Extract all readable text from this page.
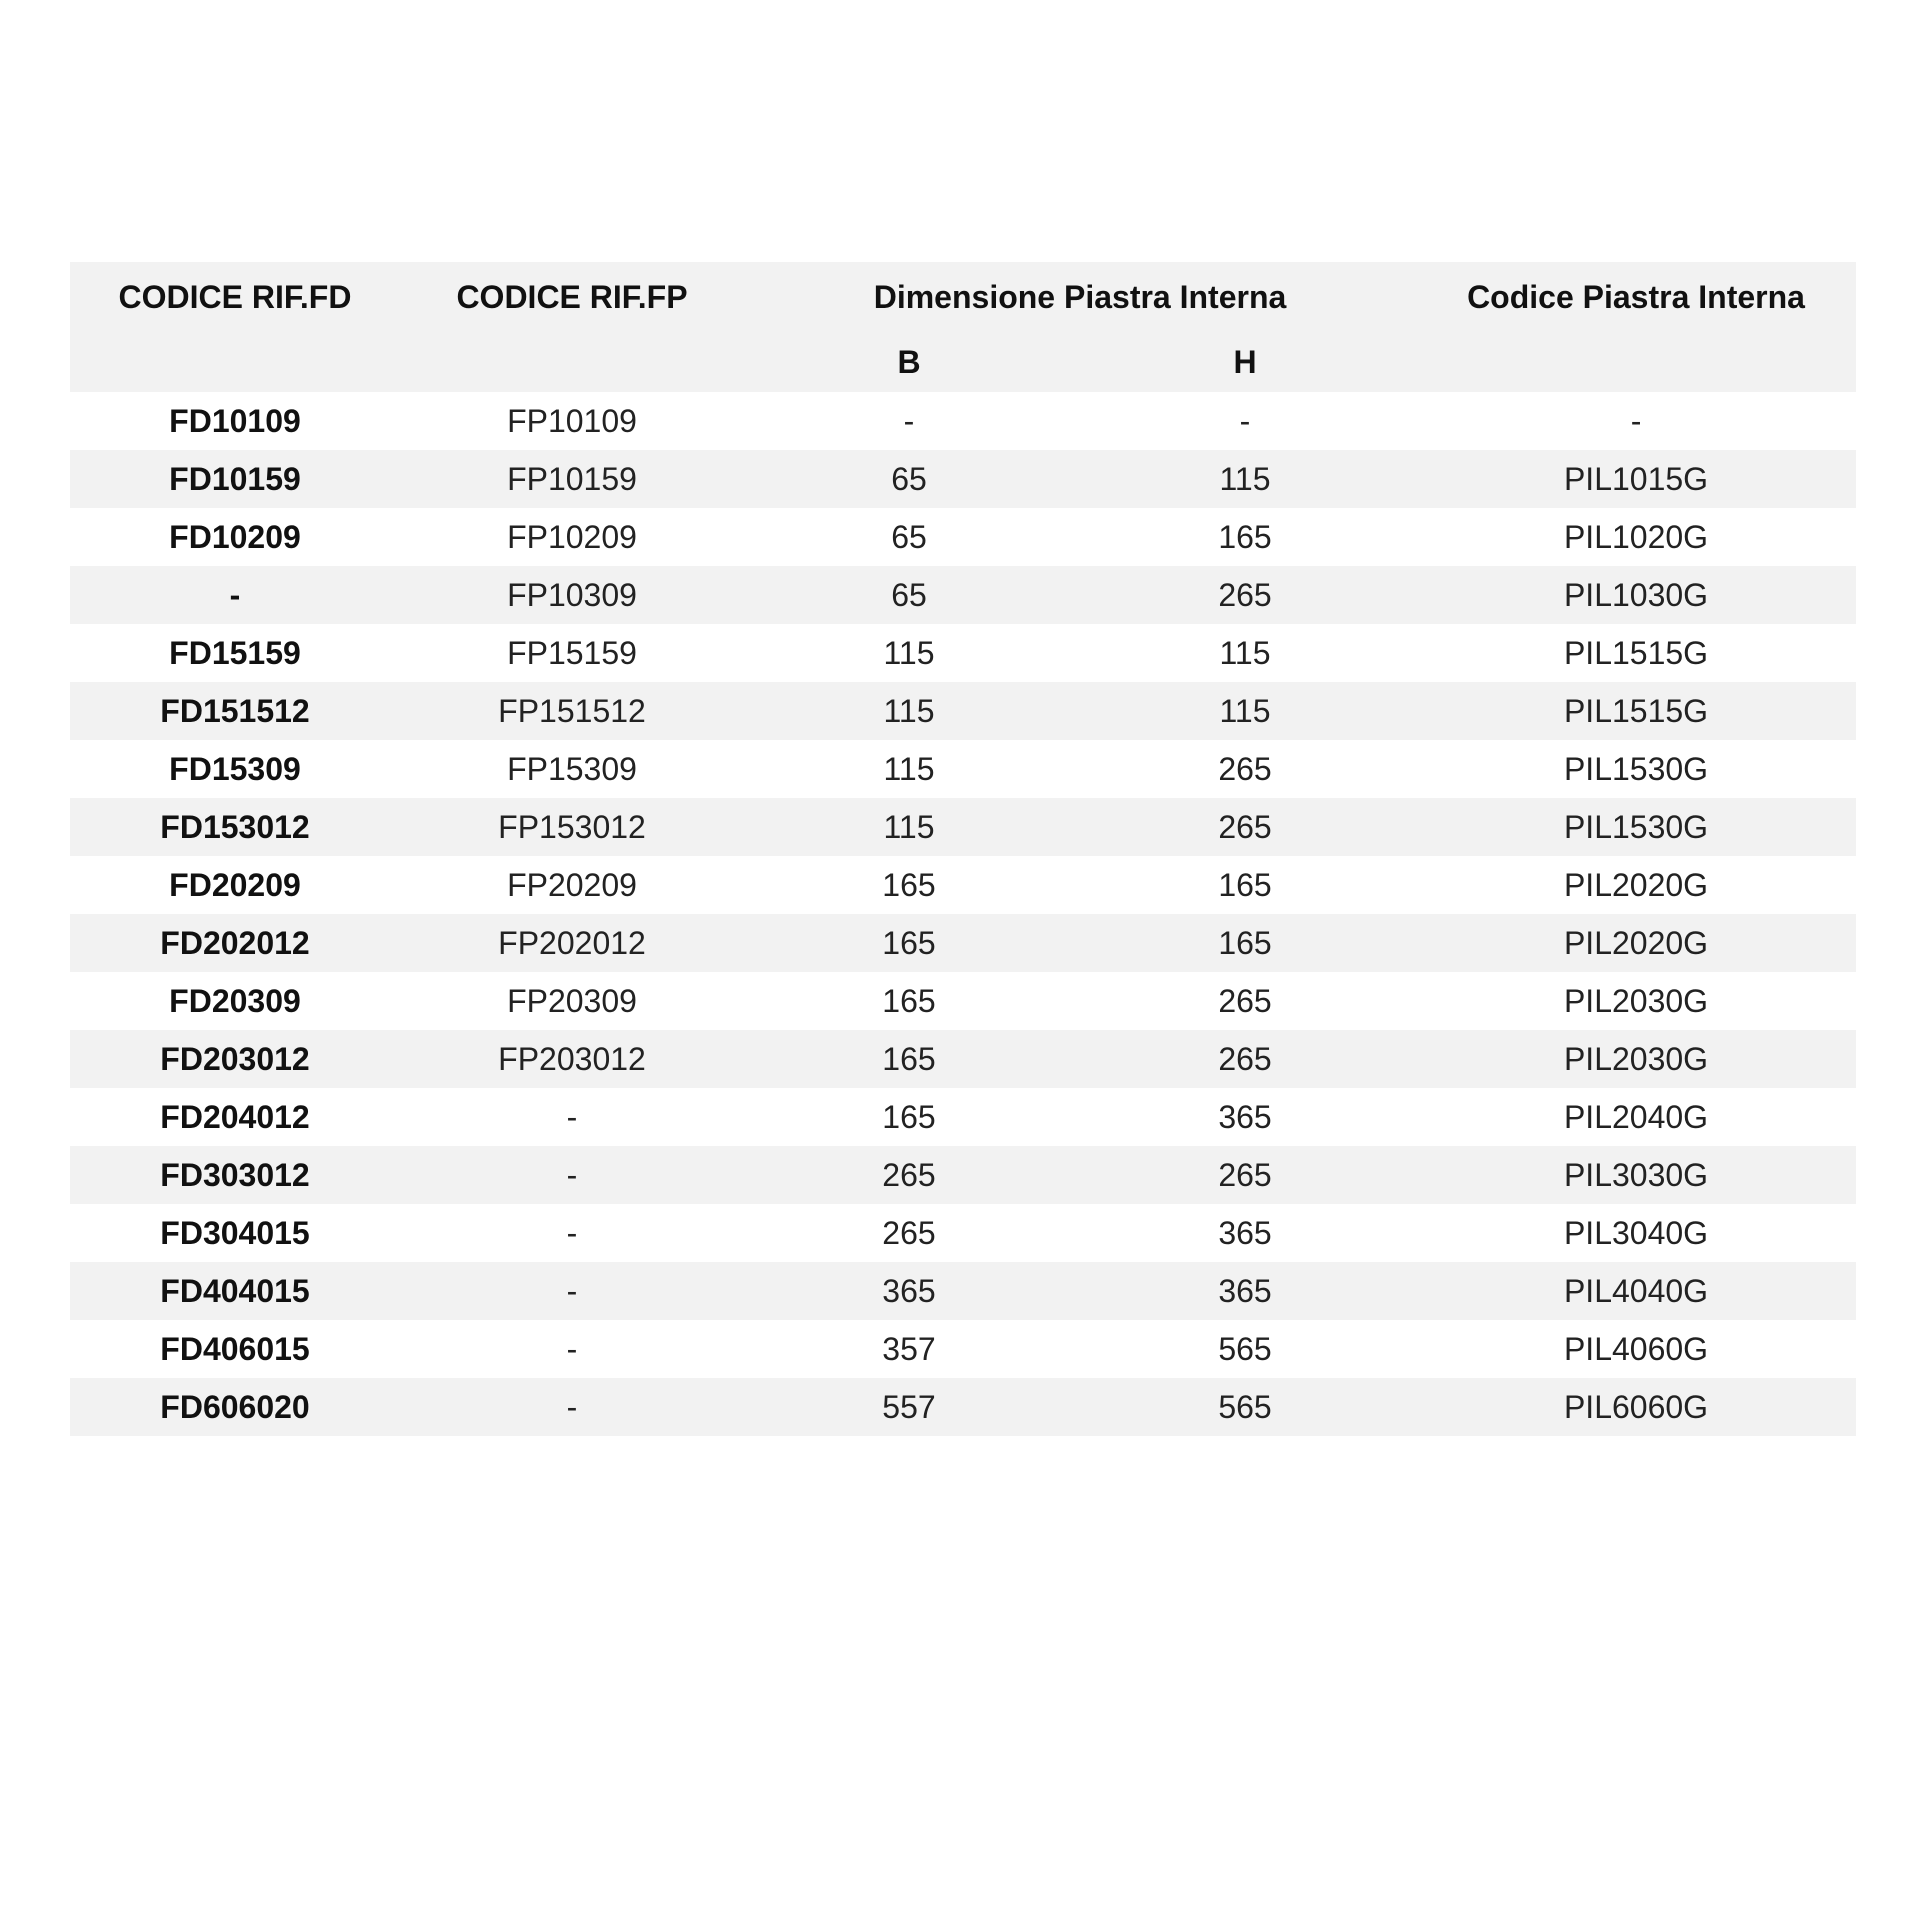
CODICE RIF.FD	CODICE RIF.FP	Dimensione Piastra Interna		Codice Piastra Interna
		B	H	
FD10109	FP10109	-	-	-
FD10159	FP10159	65	115	PIL1015G
FD10209	FP10209	65	165	PIL1020G
-	FP10309	65	265	PIL1030G
FD15159	FP15159	115	115	PIL1515G
FD151512	FP151512	115	115	PIL1515G
FD15309	FP15309	115	265	PIL1530G
FD153012	FP153012	115	265	PIL1530G
FD20209	FP20209	165	165	PIL2020G
FD202012	FP202012	165	165	PIL2020G
FD20309	FP20309	165	265	PIL2030G
FD203012	FP203012	165	265	PIL2030G
FD204012	-	165	365	PIL2040G
FD303012	-	265	265	PIL3030G
FD304015	-	265	365	PIL3040G
FD404015	-	365	365	PIL4040G
FD406015	-	357	565	PIL4060G
FD606020	-	557	565	PIL6060G
